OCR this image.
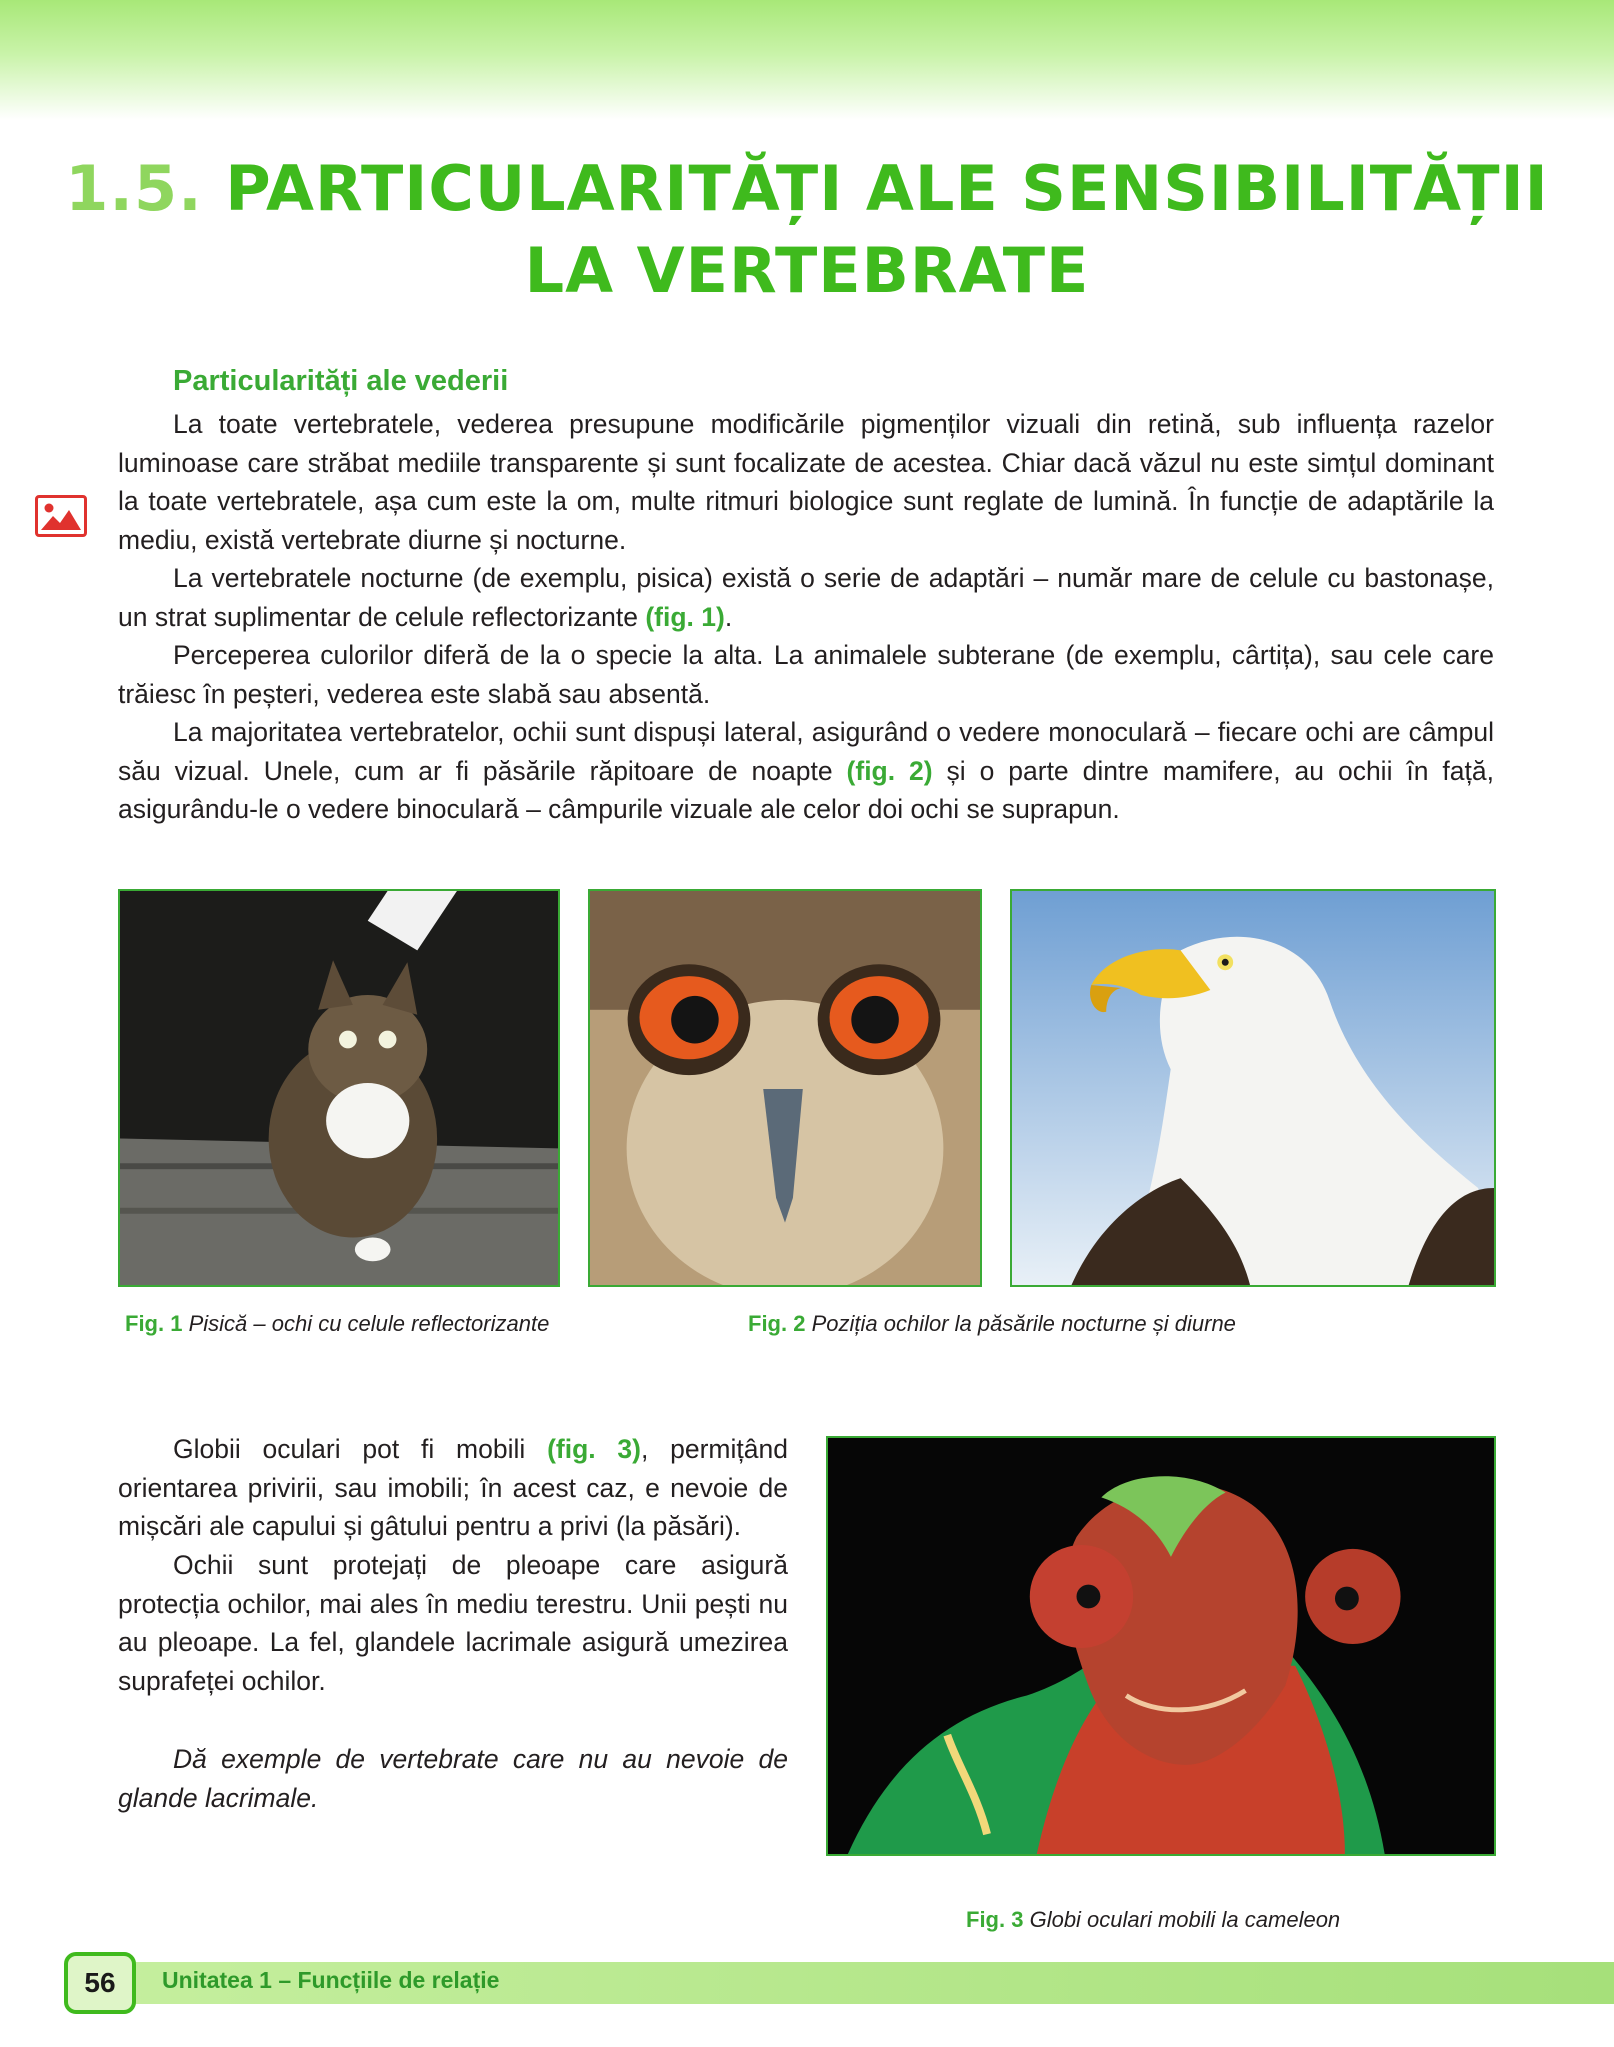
1.5. PARTICULARITĂȚI ALE SENSIBILITĂȚII
LA VERTEBRATE
Particularități ale vederii

La toate vertebratele, vederea presupune modificările pigmenților vizuali din retină, sub influența razelor luminoase care străbat mediile transparente și sunt focalizate de acestea. Chiar dacă văzul nu este simțul dominant la toate vertebratele, așa cum este la om, multe ritmuri biologice sunt reglate de lumină. În funcție de adaptările la mediu, există vertebrate diurne și nocturne.

La vertebratele nocturne (de exemplu, pisica) există o serie de adaptări – număr mare de celule cu bastonașe, un strat suplimentar de celule reflectorizante (fig. 1).

Perceperea culorilor diferă de la o specie la alta. La animalele subterane (de exemplu, cârtița), sau cele care trăiesc în peșteri, vederea este slabă sau absentă.

La majoritatea vertebratelor, ochii sunt dispuși lateral, asigurând o vedere monoculară – fiecare ochi are câmpul său vizual. Unele, cum ar fi păsările răpitoare de noapte (fig. 2) și o parte dintre mamifere, au ochii în față, asigurându-le o vedere binoculară – câmpurile vizuale ale celor doi ochi se suprapun.

Fig. 1 Pisică – ochi cu celule reflectorizante	Fig. 2 Poziția ochilor la păsările nocturne și diurne

Globii oculari pot fi mobili (fig. 3), permițând orientarea privirii, sau imobili; în acest caz, e nevoie de mișcări ale capului și gâtului pentru a privi (la păsări).

Ochii sunt protejați de pleoape care asigură protecția ochilor, mai ales în mediu terestru. Unii pești nu au pleoape. La fel, glandele lacrimale asigură umezirea suprafeței ochilor.

Dă exemple de vertebrate care nu au nevoie de glande lacrimale.

Fig. 3 Globi oculari mobili la cameleon
56	Unitatea 1 – Funcțiile de relație
